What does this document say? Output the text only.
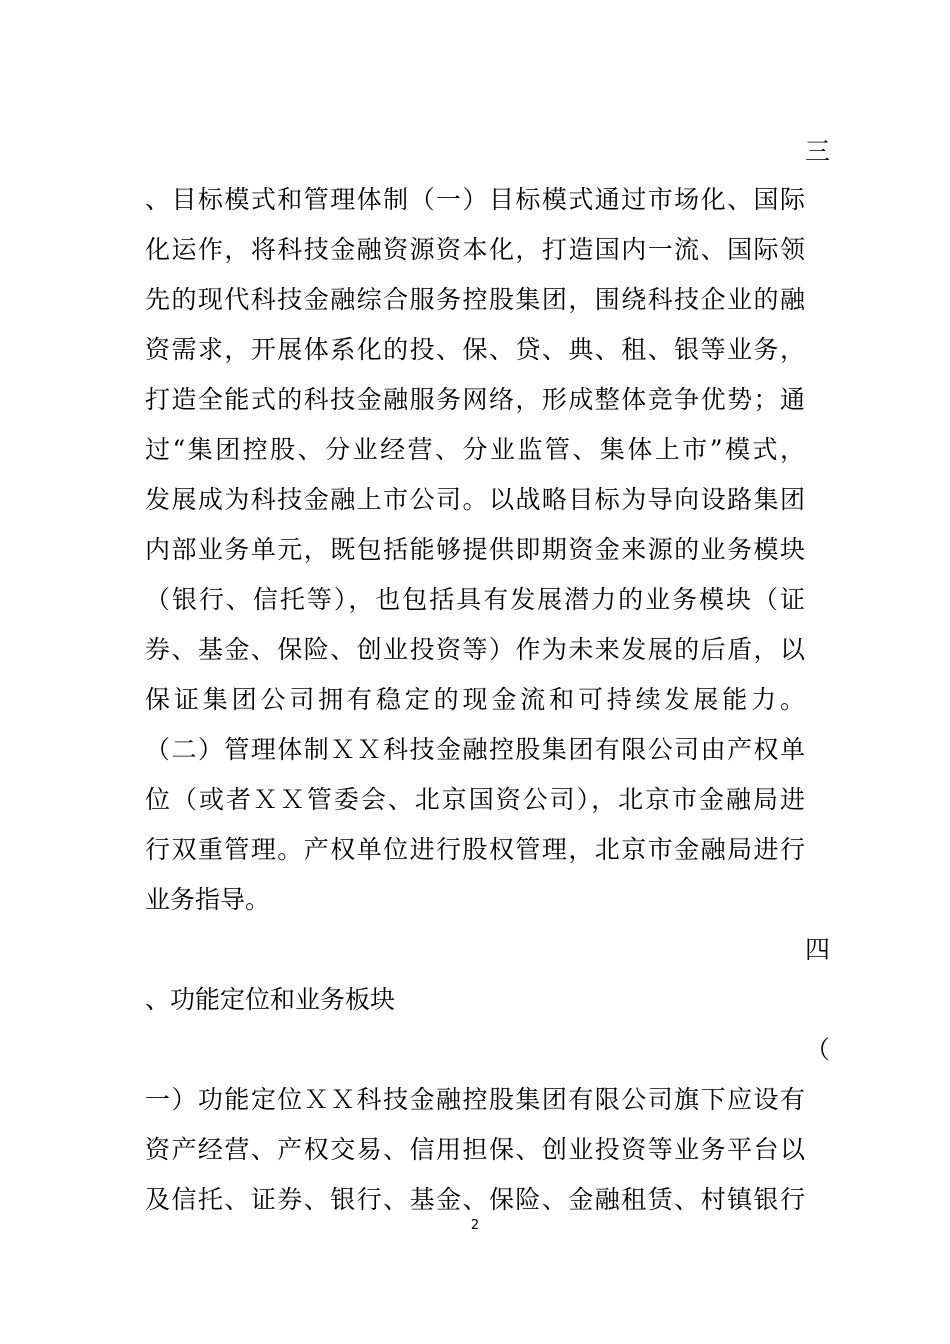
三
、目标模式和管理体制（一）目标模式通过市场化、国际
化运作，将科技金融资源资本化，打造国内一流、国际领
先的现代科技金融综合服务控股集团，围绕科技企业的融
资需求，开展体系化的投、保、贷、典、租、银等业务，
打造全能式的科技金融服务网络，形成整体竞争优势；通
过“集团控股、分业经营、分业监管、集体上市”模式，
发展成为科技金融上市公司。以战略目标为导向设路集团
内部业务单元，既包括能够提供即期资金来源的业务模块
（银行、信托等），也包括具有发展潜力的业务模块（证
券、基金、保险、创业投资等）作为未来发展的后盾，以
保证集团公司拥有稳定的现金流和可持续发展能力。
（二）管理体制ＸＸ科技金融控股集团有限公司由产权单
位（或者ＸＸ管委会、北京国资公司），北京市金融局进
行双重管理。产权单位进行股权管理，北京市金融局进行
业务指导。
四
、功能定位和业务板块
（
一）功能定位ＸＸ科技金融控股集团有限公司旗下应设有
资产经营、产权交易、信用担保、创业投资等业务平台以
及信托、证券、银行、基金、保险、金融租赁、村镇银行
2
